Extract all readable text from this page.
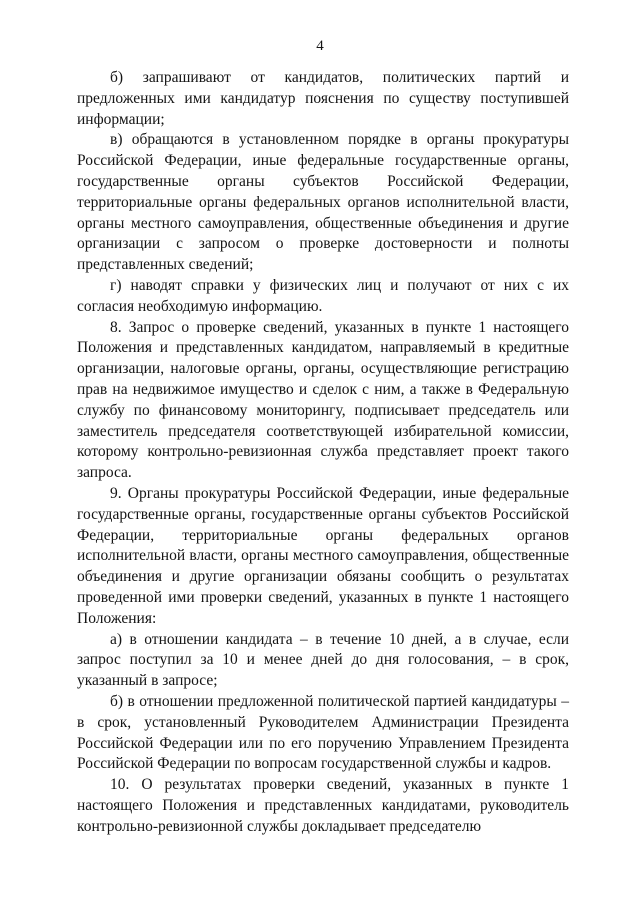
4

б) запрашивают от кандидатов, политических партий и предложенных ими кандидатур пояснения по существу поступившей информации;

в) обращаются в установленном порядке в органы прокуратуры Российской Федерации, иные федеральные государственные органы, государственные органы субъектов Российской Федерации, территориальные органы федеральных органов исполнительной власти, органы местного самоуправления, общественные объединения и другие организации с запросом о проверке достоверности и полноты представленных сведений;

г) наводят справки у физических лиц и получают от них с их согласия необходимую информацию.

8. Запрос о проверке сведений, указанных в пункте 1 настоящего Положения и представленных кандидатом, направляемый в кредитные организации, налоговые органы, органы, осуществляющие регистрацию прав на недвижимое имущество и сделок с ним, а также в Федеральную службу по финансовому мониторингу, подписывает председатель или заместитель председателя соответствующей избирательной комиссии, которому контрольно-ревизионная служба представляет проект такого запроса.

9. Органы прокуратуры Российской Федерации, иные федеральные государственные органы, государственные органы субъектов Российской Федерации, территориальные органы федеральных органов исполнительной власти, органы местного самоуправления, общественные объединения и другие организации обязаны сообщить о результатах проведенной ими проверки сведений, указанных в пункте 1 настоящего Положения:

а) в отношении кандидата – в течение 10 дней, а в случае, если запрос поступил за 10 и менее дней до дня голосования, – в срок, указанный в запросе;

б) в отношении предложенной политической партией кандидатуры – в срок, установленный Руководителем Администрации Президента Российской Федерации или по его поручению Управлением Президента Российской Федерации по вопросам государственной службы и кадров.

10. О результатах проверки сведений, указанных в пункте 1 настоящего Положения и представленных кандидатами, руководитель контрольно-ревизионной службы докладывает председателю
